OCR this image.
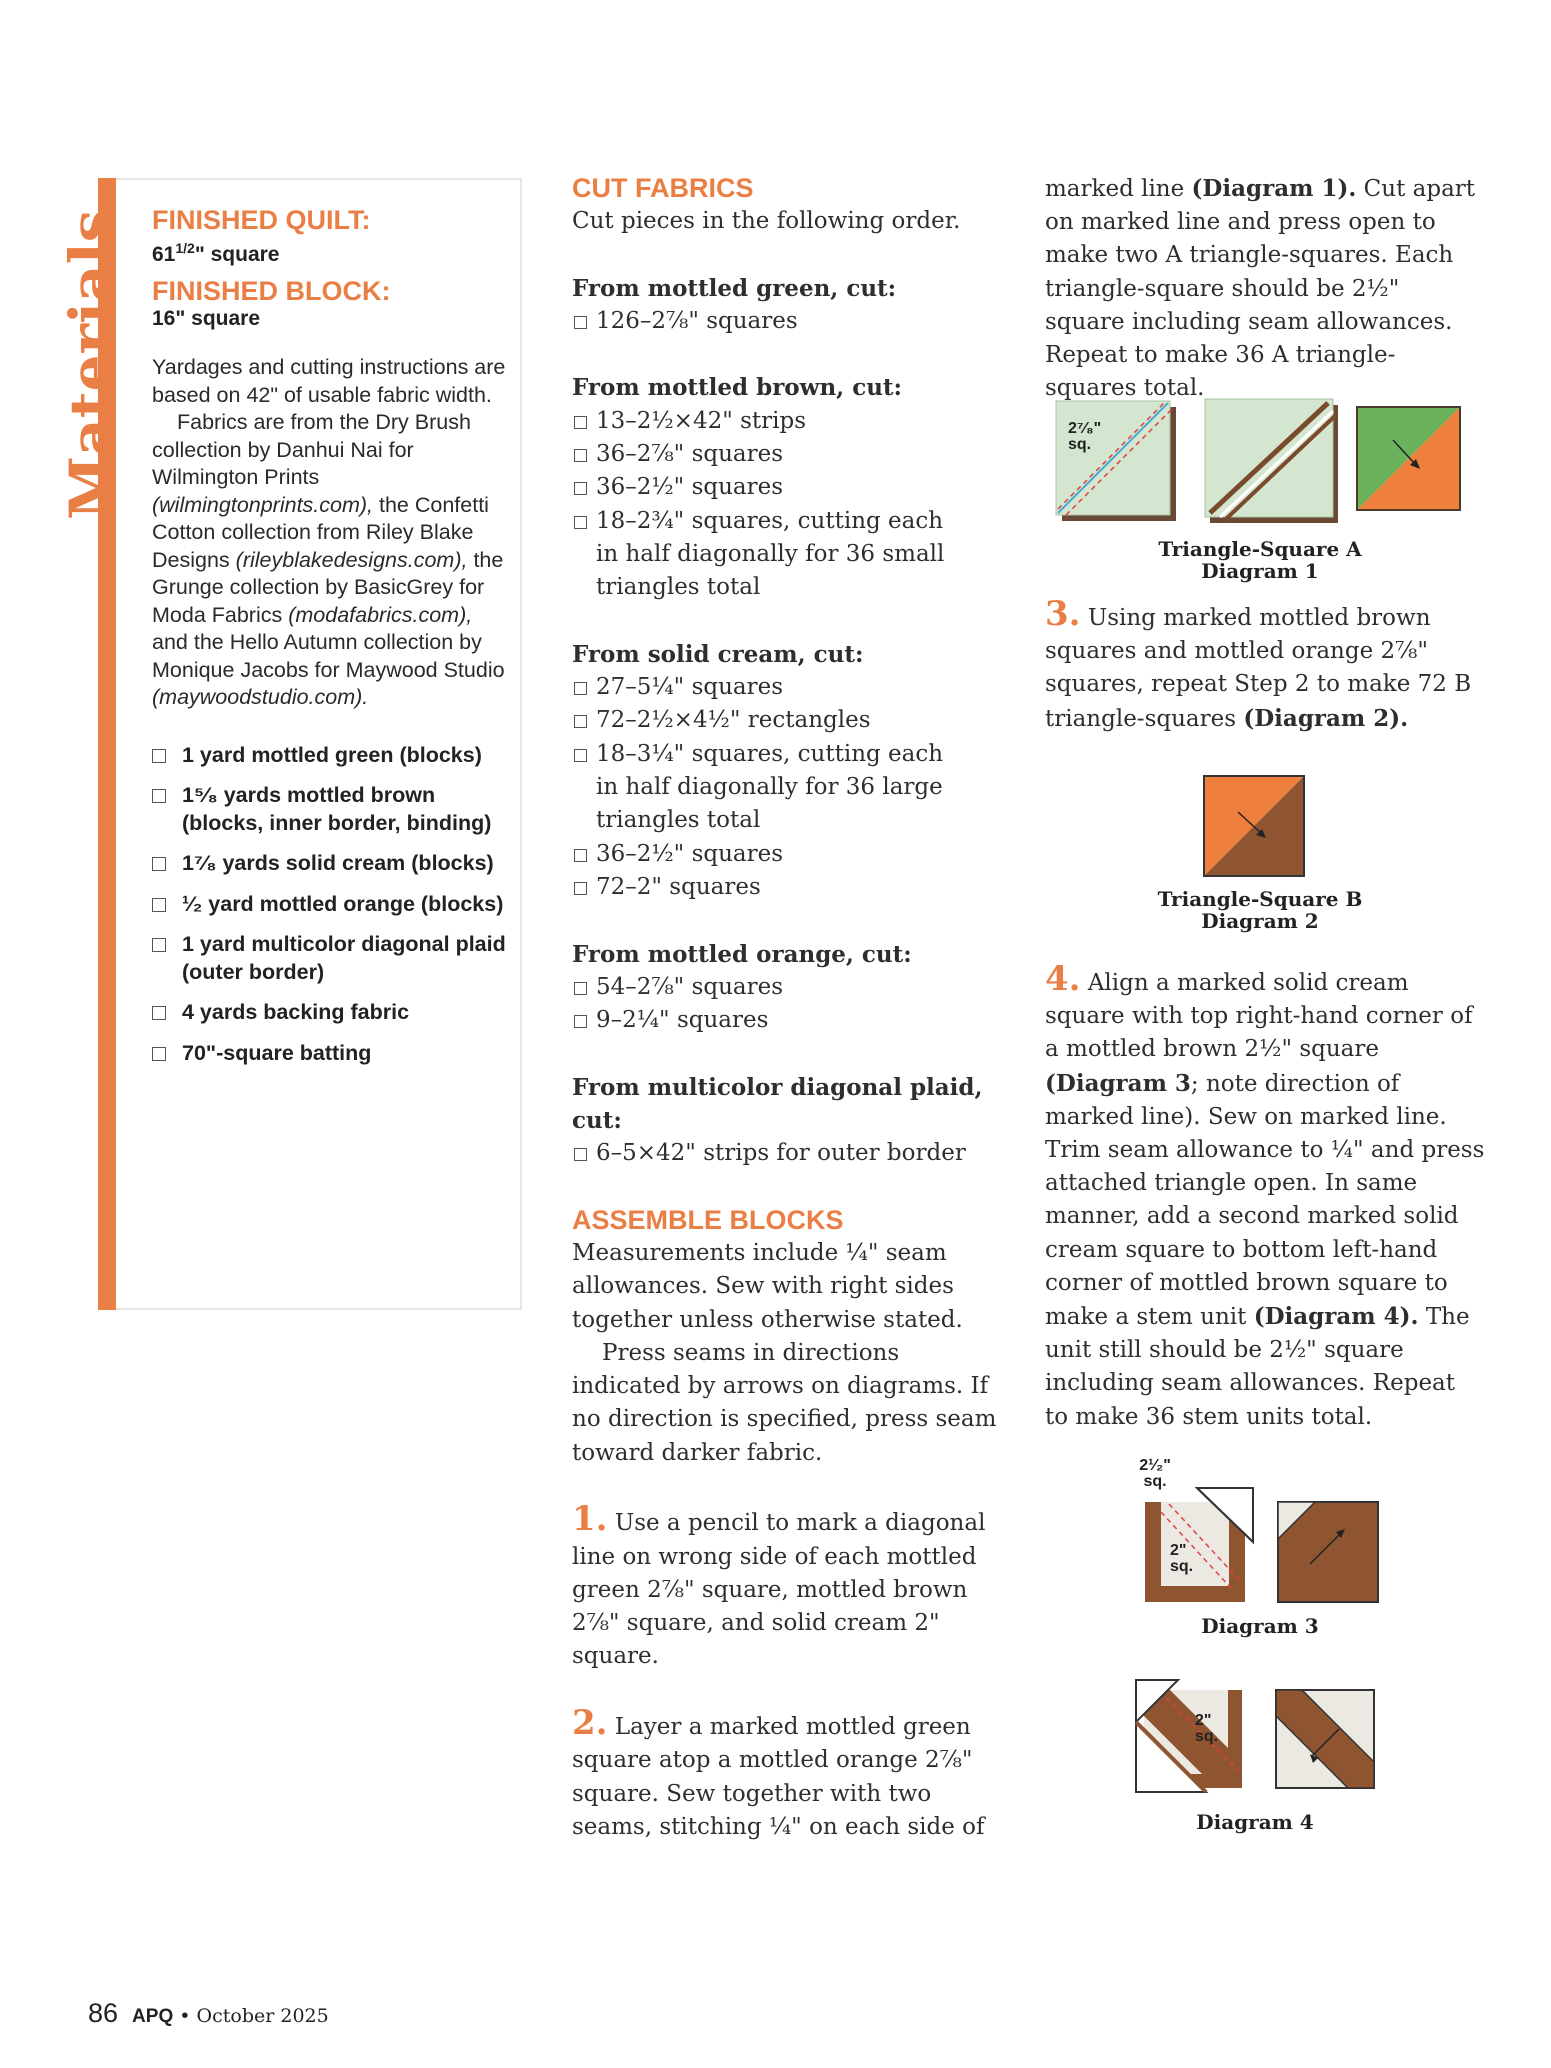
Materials FINISHED QUILT:
$61^{1/2}$" square
FINISHED BLOCK:
16" square

Yardages and cutting instructions are based on 42" of usable fabric width.

Fabrics are from the Dry Brush collection by Danhui Nai for Wilmington Prints (wilmingtonprints.com), the Confetti Cotton collection from Riley Blake Designs (rileyblakedesigns.com), the Grunge collection by BasicGrey for Moda Fabrics (modafabrics.com), and the Hello Autumn collection by Monique Jacobs for Maywood Studio (maywoodstudio.com).

1 yard mottled green (blocks)
1⁵⁄₈ yards mottled brown (blocks, inner border, binding)
1⁷⁄₈ yards solid cream (blocks)
¹⁄₂ yard mottled orange (blocks)
1 yard multicolor diagonal plaid (outer border)
4 yards backing fabric
70"-square batting
CUT FABRICS
Cut pieces in the following order.
From mottled green, cut:
126–2⁷⁄₈" squares
From mottled brown, cut:
13–2¹⁄₂×42" strips
36–2⁷⁄₈" squares
36–2¹⁄₂" squares
18–2³⁄₄" squares, cutting each
in half diagonally for 36 small
triangles total
From solid cream, cut:
27–5¹⁄₄" squares
72–2¹⁄₂×4¹⁄₂" rectangles
18–3¹⁄₄" squares, cutting each
in half diagonally for 36 large
triangles total
36–2¹⁄₂" squares
72–2" squares
From mottled orange, cut:
54–2⁷⁄₈" squares
9–2¼" squares
From multicolor diagonal plaid, cut:
6–5×42" strips for outer border
ASSEMBLE BLOCKS

Measurements include ¹⁄₄" seam allowances. Sew with right sides together unless otherwise stated.

Press seams in directions indicated by arrows on diagrams. If no direction is specified, press seam toward darker fabric.

1. Use a pencil to mark a diagonal line on wrong side of each mottled green 2⁷⁄₈" square, mottled brown 2⁷⁄₈" square, and solid cream 2" square.

2. Layer a marked mottled green square atop a mottled orange 2⁷⁄₈" square. Sew together with two seams, stitching ¹⁄₄" on each side of

marked line (Diagram 1). Cut apart on marked line and press open to make two A triangle-squares. Each triangle-square should be 2¹⁄₂" square including seam allowances. Repeat to make 36 A triangle-squares total.

3. Using marked mottled brown squares and mottled orange 2⁷⁄₈" squares, repeat Step 2 to make 72 B triangle-squares (Diagram 2).

4. Align a marked solid cream square with top right-hand corner of a mottled brown 2¹⁄₂" square (Diagram 3; note direction of marked line). Sew on marked line. Trim seam allowance to ¹⁄₄" and press attached triangle open. In same manner, add a second marked solid cream square to bottom left-hand corner of mottled brown square to make a stem unit (Diagram 4). The unit still should be 2¹⁄₂" square including seam allowances. Repeat to make 36 stem units total.

2⁷⁄₈"
sq.
Triangle-Square A
Diagram 1
Triangle-Square B
Diagram 2
2¹⁄₂"
sq.
2"
sq.
Diagram 3
2"
sq.
Diagram 4
86 APQ • October 2025
